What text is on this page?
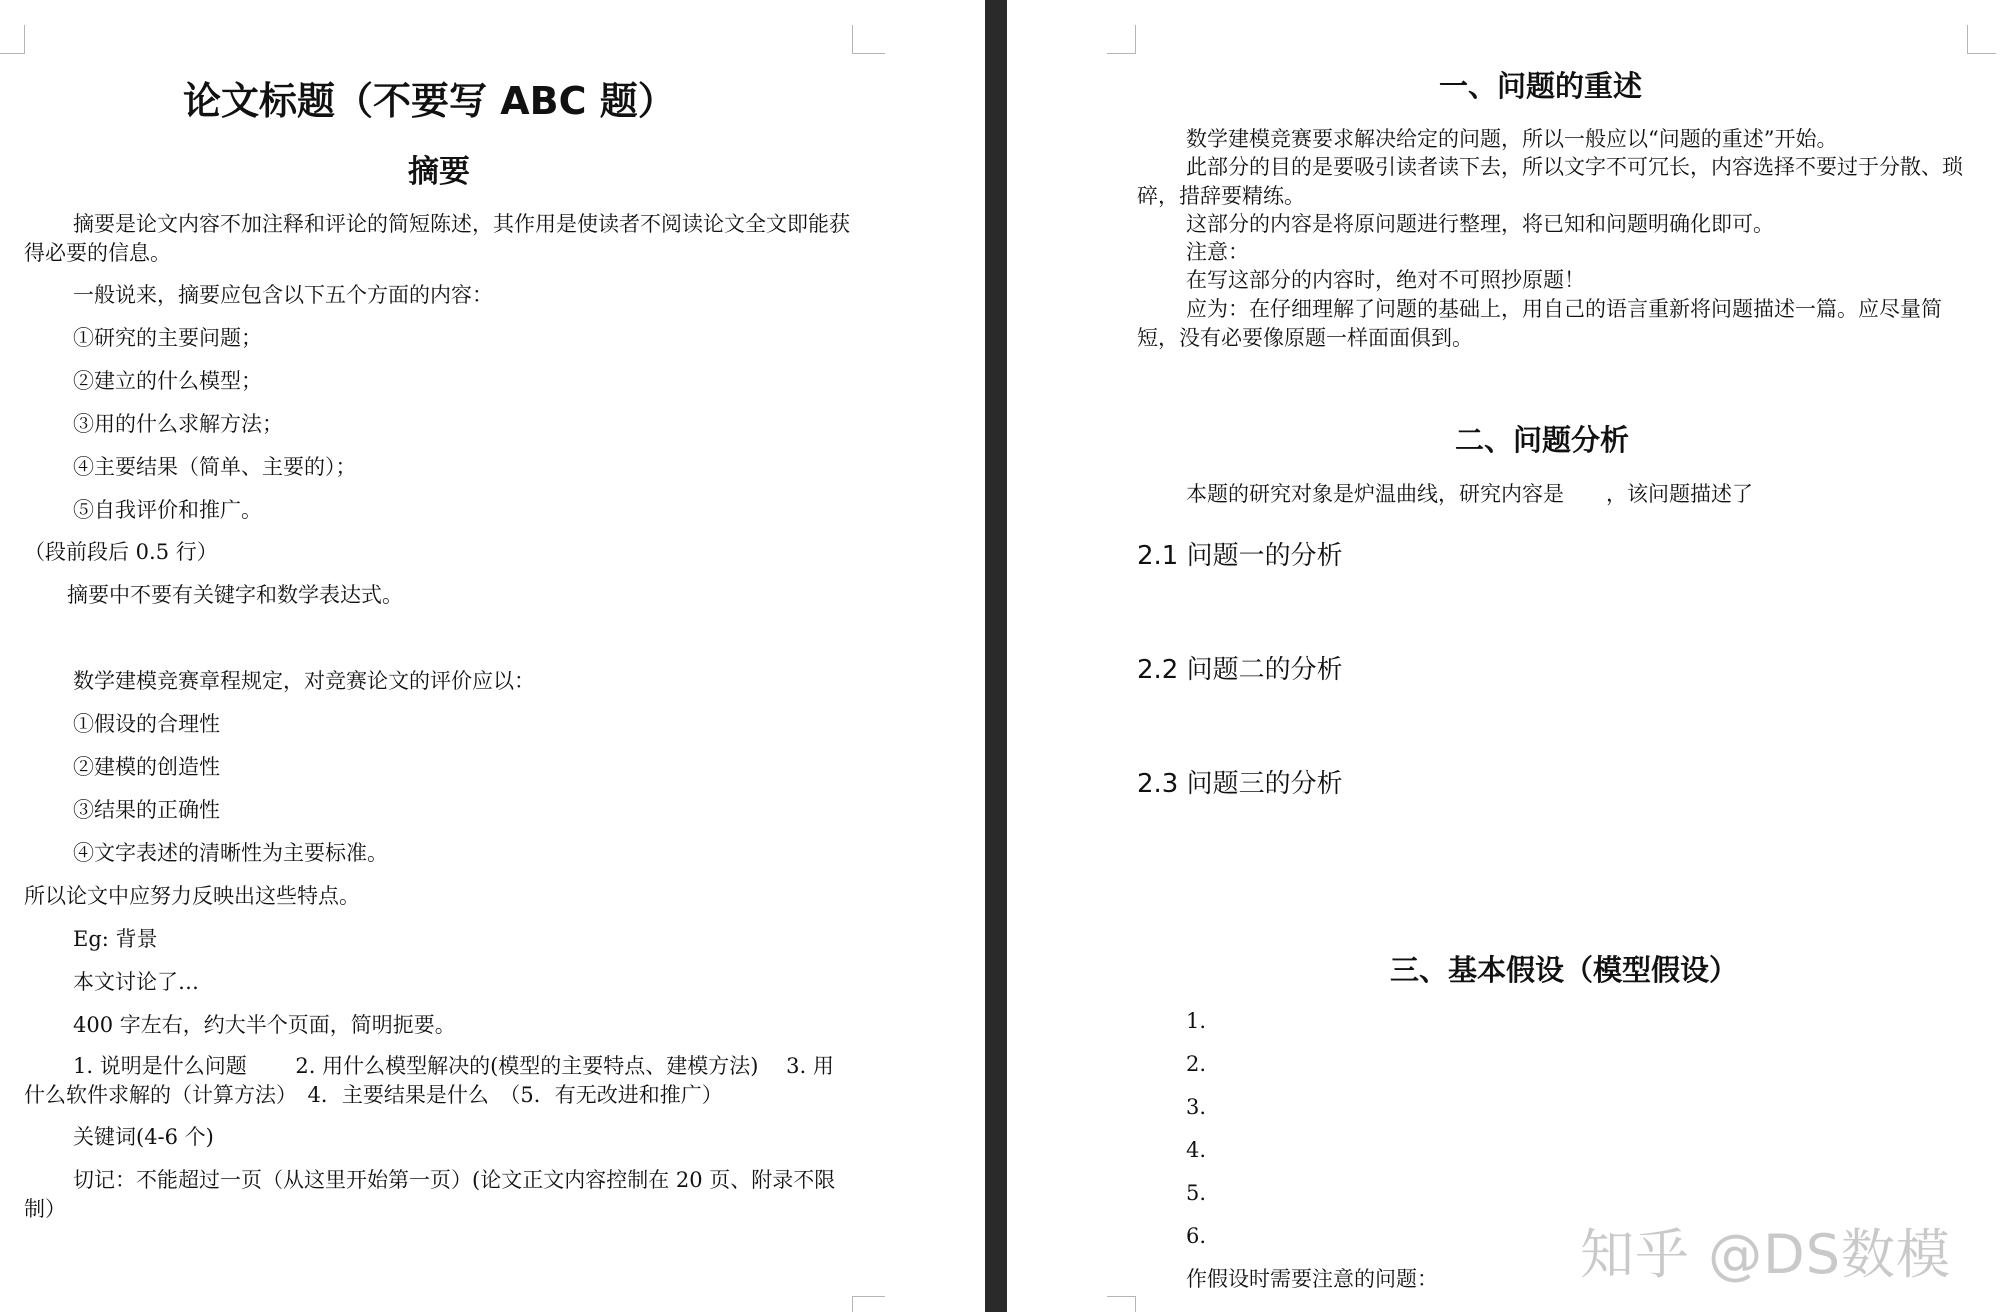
论文标题（不要写 ABC 题）
摘要
摘要是论文内容不加注释和评论的简短陈述，其作用是使读者不阅读论文全文即能获得必要的信息。
一般说来，摘要应包含以下五个方面的内容：
①研究的主要问题；
②建立的什么模型；
③用的什么求解方法；
④主要结果（简单、主要的）；
⑤自我评价和推广。
（段前段后 0.5 行）
摘要中不要有关键字和数学表达式。
数学建模竞赛章程规定，对竞赛论文的评价应以：
①假设的合理性
②建模的创造性
③结果的正确性
④文字表述的清晰性为主要标准。
所以论文中应努力反映出这些特点。
Eg: 背景
本文讨论了…
400 字左右，约大半个页面，简明扼要。
1. 说明是什么问题　　 2. 用什么模型解决的(模型的主要特点、建模方法)　 3. 用什么软件求解的（计算方法）　4．主要结果是什么　（5．有无改进和推广）
关键词(4-6 个)
切记：不能超过一页（从这里开始第一页）(论文正文内容控制在 20 页、附录不限制）
一、问题的重述
数学建模竞赛要求解决给定的问题，所以一般应以“问题的重述”开始。
此部分的目的是要吸引读者读下去，所以文字不可冗长，内容选择不要过于分散、琐碎，措辞要精练。
这部分的内容是将原问题进行整理，将已知和问题明确化即可。
注意：
在写这部分的内容时，绝对不可照抄原题！
应为：在仔细理解了问题的基础上，用自己的语言重新将问题描述一篇。应尽量简短，没有必要像原题一样面面俱到。
二、问题分析
本题的研究对象是炉温曲线，研究内容是　　，该问题描述了
2.1 问题一的分析
2.2 问题二的分析
2.3 问题三的分析
三、基本假设（模型假设）
1.
2.
3.
4.
5.
6.
作假设时需要注意的问题：	知乎 @DS数模
